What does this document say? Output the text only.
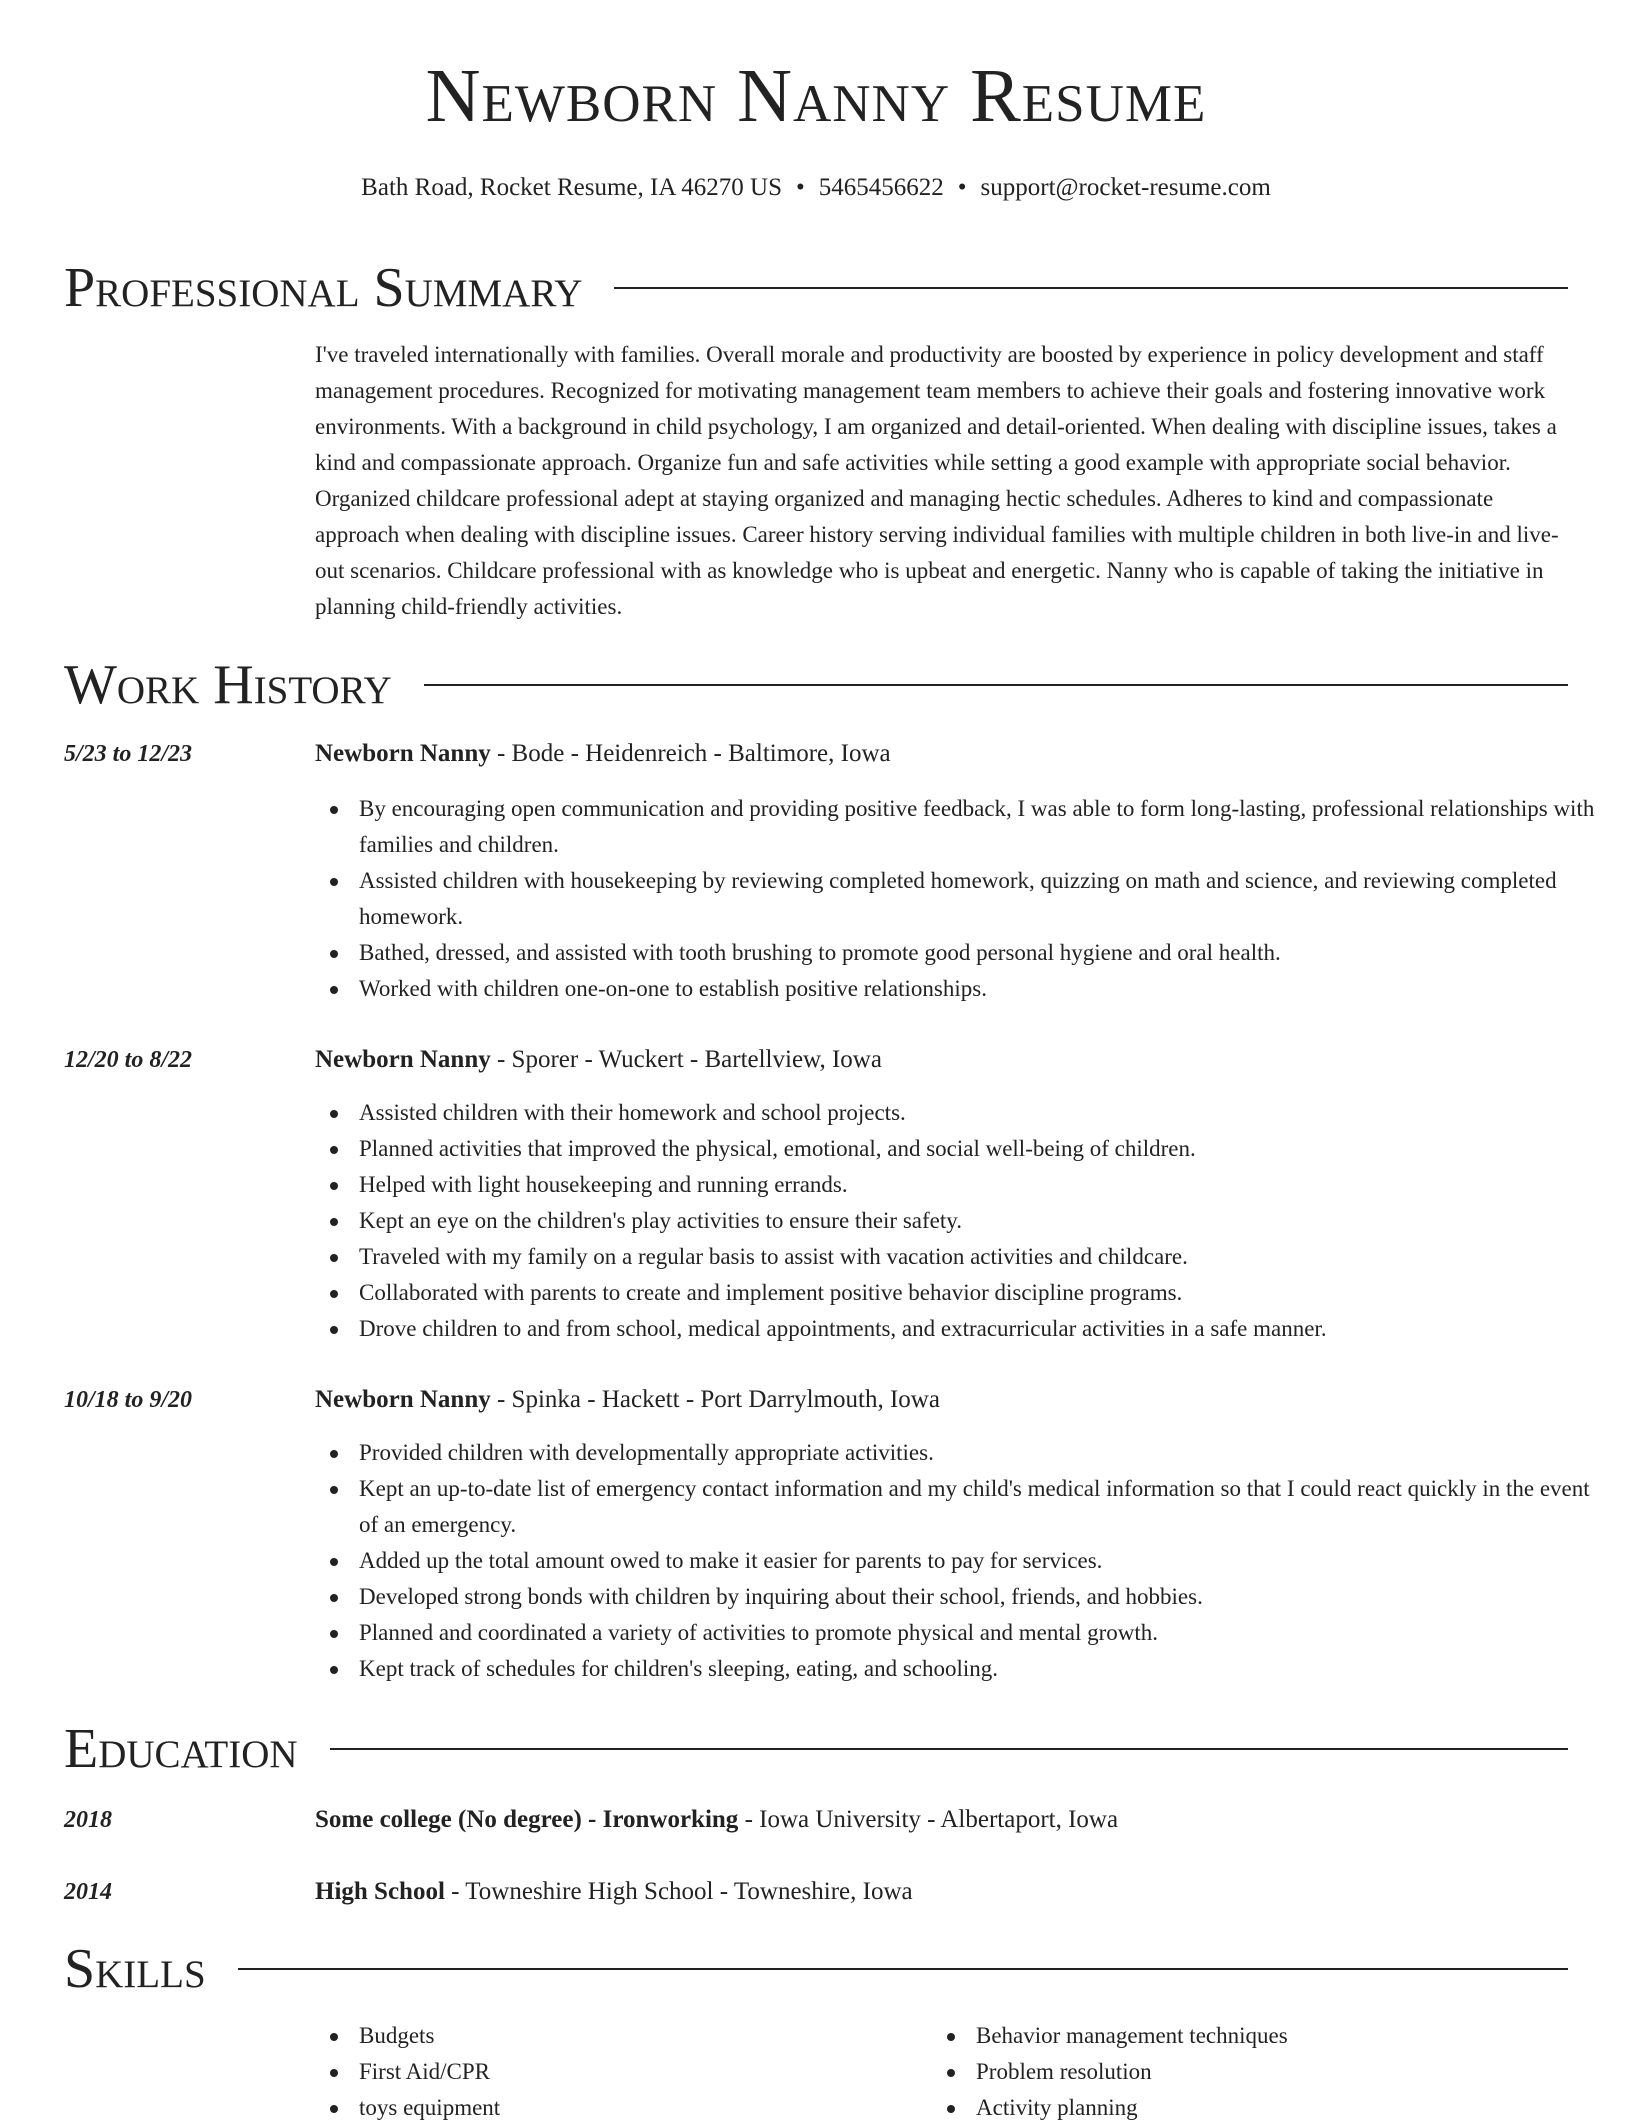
Newborn Nanny Resume
Bath Road, Rocket Resume, IA 46270 US • 5465456622 • support@rocket-resume.com
Professional Summary

I've traveled internationally with families. Overall morale and productivity are boosted by experience in policy development and staff management procedures. Recognized for motivating management team members to achieve their goals and fostering innovative work environments. With a background in child psychology, I am organized and detail-oriented. When dealing with discipline issues, takes a kind and compassionate approach. Organize fun and safe activities while setting a good example with appropriate social behavior. Organized childcare professional adept at staying organized and managing hectic schedules. Adheres to kind and compassionate approach when dealing with discipline issues. Career history serving individual families with multiple children in both live-in and live-out scenarios. Childcare professional with as knowledge who is upbeat and energetic. Nanny who is capable of taking the initiative in planning child-friendly activities.

Work History
5/23 to 12/23	Newborn Nanny - Bode - Heidenreich - Baltimore, Iowa
By encouraging open communication and providing positive feedback, I was able to form long-lasting, professional relationships with families and children.
Assisted children with housekeeping by reviewing completed homework, quizzing on math and science, and reviewing completed homework.
Bathed, dressed, and assisted with tooth brushing to promote good personal hygiene and oral health.
Worked with children one-on-one to establish positive relationships.
12/20 to 8/22	Newborn Nanny - Sporer - Wuckert - Bartellview, Iowa
Assisted children with their homework and school projects.
Planned activities that improved the physical, emotional, and social well-being of children.
Helped with light housekeeping and running errands.
Kept an eye on the children's play activities to ensure their safety.
Traveled with my family on a regular basis to assist with vacation activities and childcare.
Collaborated with parents to create and implement positive behavior discipline programs.
Drove children to and from school, medical appointments, and extracurricular activities in a safe manner.
10/18 to 9/20	Newborn Nanny - Spinka - Hackett - Port Darrylmouth, Iowa
Provided children with developmentally appropriate activities.
Kept an up-to-date list of emergency contact information and my child's medical information so that I could react quickly in the event of an emergency.
Added up the total amount owed to make it easier for parents to pay for services.
Developed strong bonds with children by inquiring about their school, friends, and hobbies.
Planned and coordinated a variety of activities to promote physical and mental growth.
Kept track of schedules for children's sleeping, eating, and schooling.
Education
2018	Some college (No degree) - Ironworking - Iowa University - Albertaport, Iowa
2014	High School - Towneshire High School - Towneshire, Iowa
Skills
Budgets
First Aid/CPR
toys equipment
Behavior management techniques
Problem resolution
Activity planning
